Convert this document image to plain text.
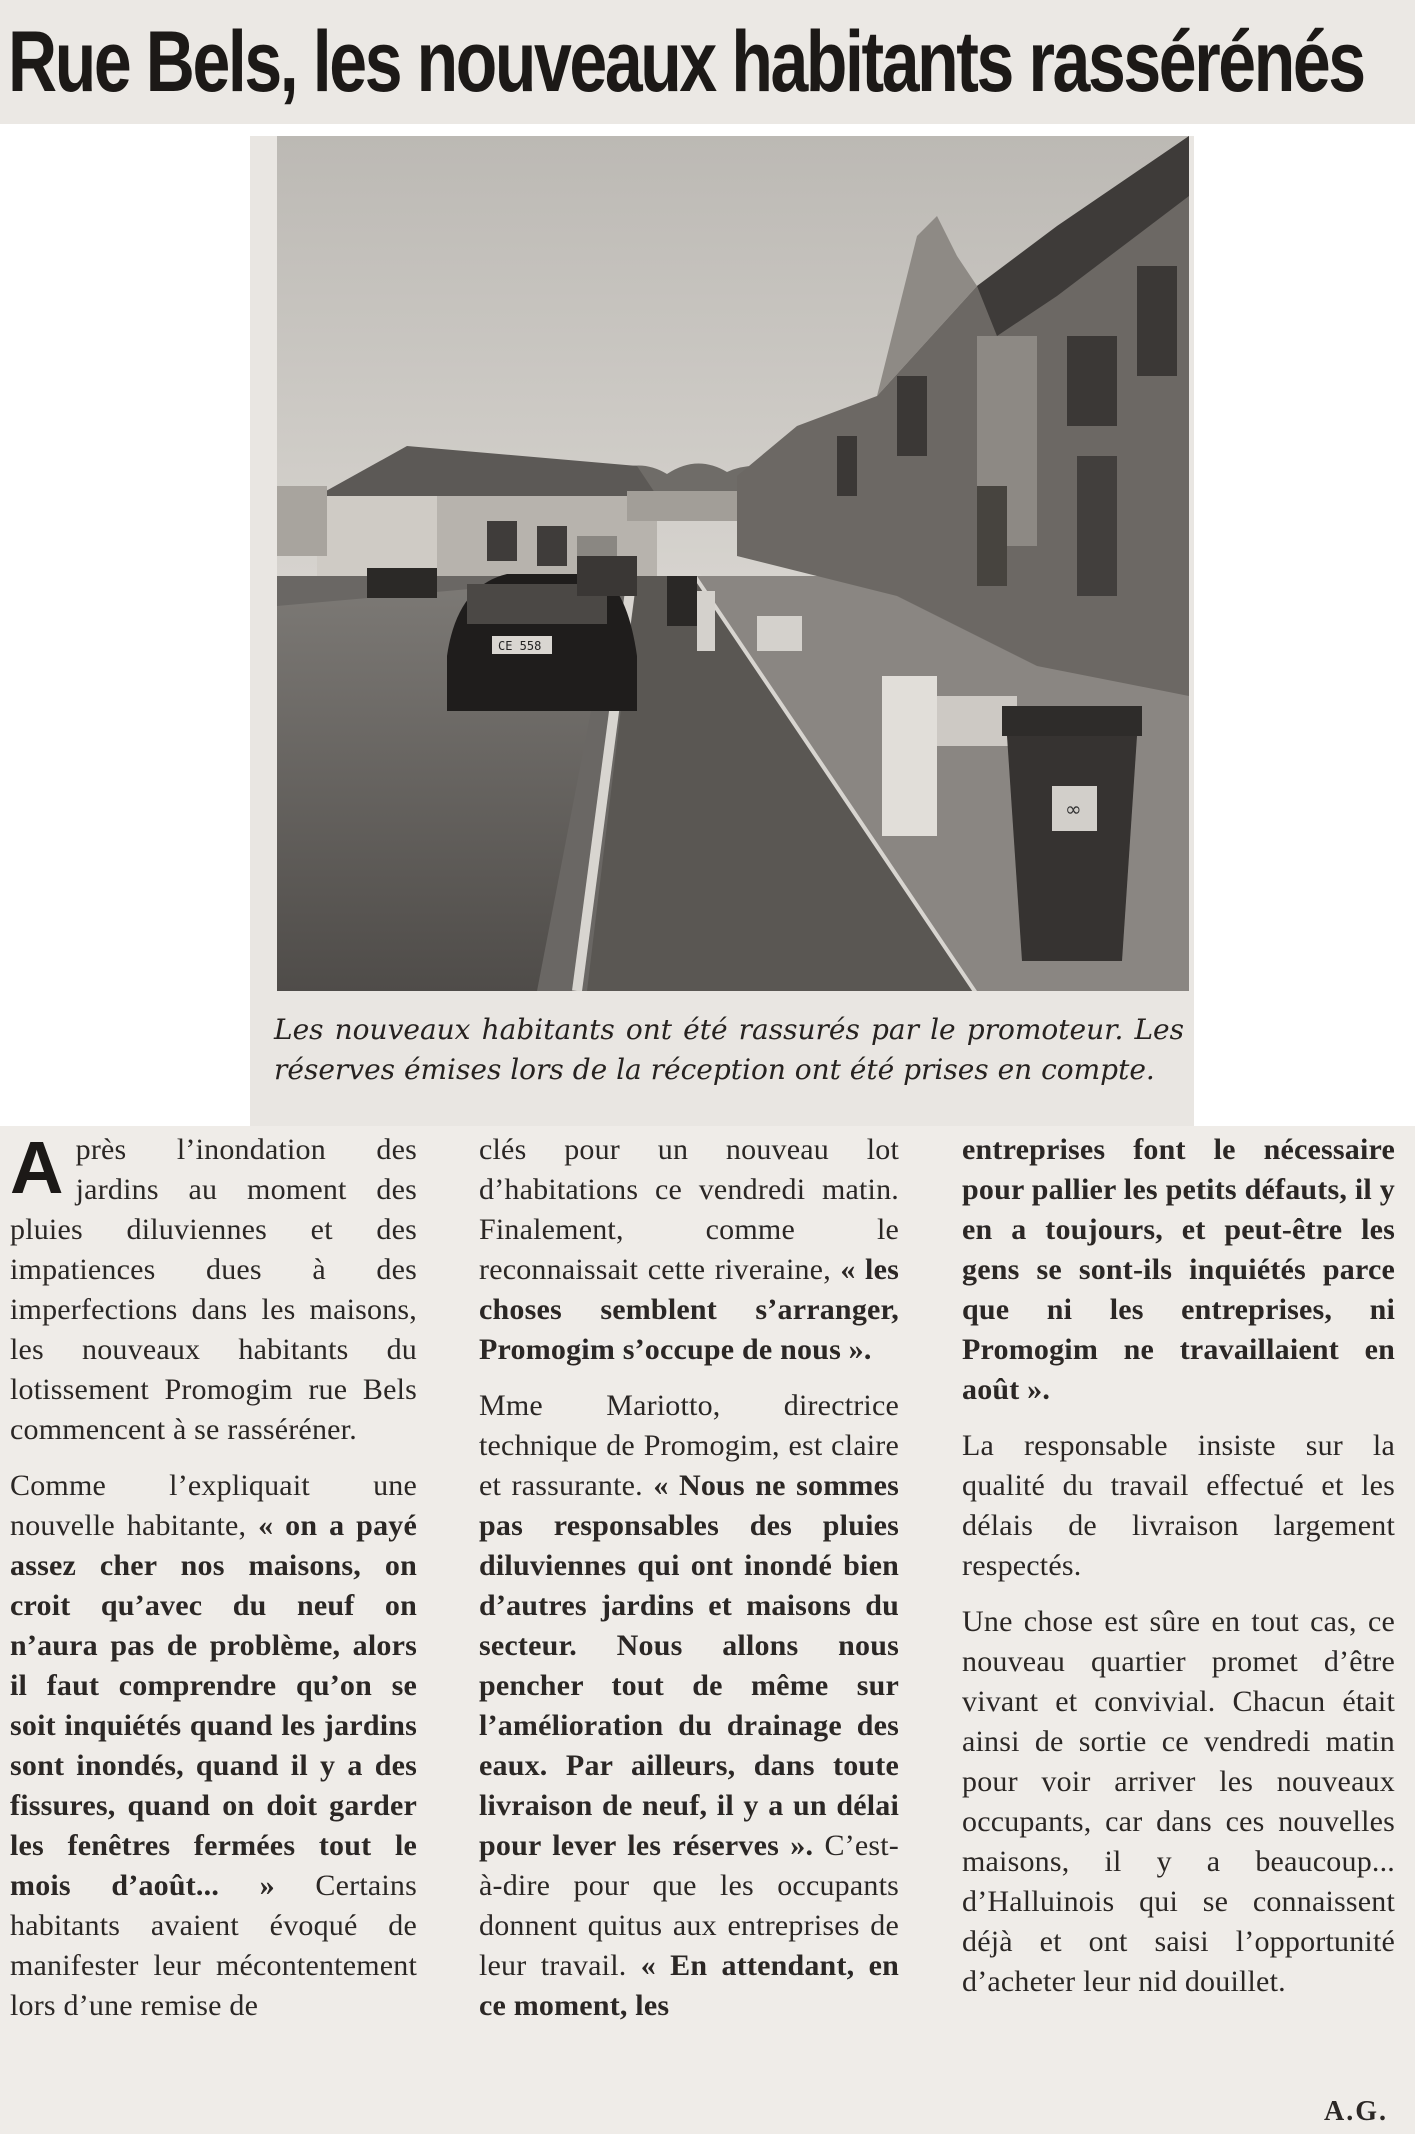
Rue Bels, les nouveaux habitants rassérénés
CE 558
∞

Les nouveaux habitants ont été rassurés par le promoteur. Les réserves émises lors de la réception ont été prises en compte.

Après l’inondation des jardins au moment des pluies diluviennes et des impatiences dues à des imperfections dans les maisons, les nouveaux habitants du lotissement Promogim rue Bels commencent à se rasséréner.

Comme l’expliquait une nouvelle habitante, « on a payé assez cher nos maisons, on croit qu’avec du neuf on n’aura pas de problème, alors il faut comprendre qu’on se soit inquiétés quand les jardins sont inondés, quand il y a des fissures, quand on doit garder les fenêtres fermées tout le mois d’août... » Certains habitants avaient évoqué de manifester leur mécontentement lors d’une remise de

clés pour un nouveau lot d’habitations ce vendredi matin. Finalement, comme le reconnaissait cette riveraine, « les choses semblent s’arranger, Promogim s’occupe de nous ».

Mme Mariotto, directrice technique de Promogim, est claire et rassurante. « Nous ne sommes pas responsables des pluies diluviennes qui ont inondé bien d’autres jardins et maisons du secteur. Nous allons nous pencher tout de même sur l’amélioration du drainage des eaux. Par ailleurs, dans toute livraison de neuf, il y a un délai pour lever les réserves ». C’est-à-dire pour que les occupants donnent quitus aux entreprises de leur travail. « En attendant, en ce moment, les

entreprises font le nécessaire pour pallier les petits défauts, il y en a toujours, et peut-être les gens se sont-ils inquiétés parce que ni les entreprises, ni Promogim ne travaillaient en août ».

La responsable insiste sur la qualité du travail effectué et les délais de livraison largement respectés.

Une chose est sûre en tout cas, ce nouveau quartier promet d’être vivant et convivial. Chacun était ainsi de sortie ce vendredi matin pour voir arriver les nouveaux occupants, car dans ces nouvelles maisons, il y a beaucoup... d’Halluinois qui se connaissent déjà et ont saisi l’opportunité d’acheter leur nid douillet.

A.G.
